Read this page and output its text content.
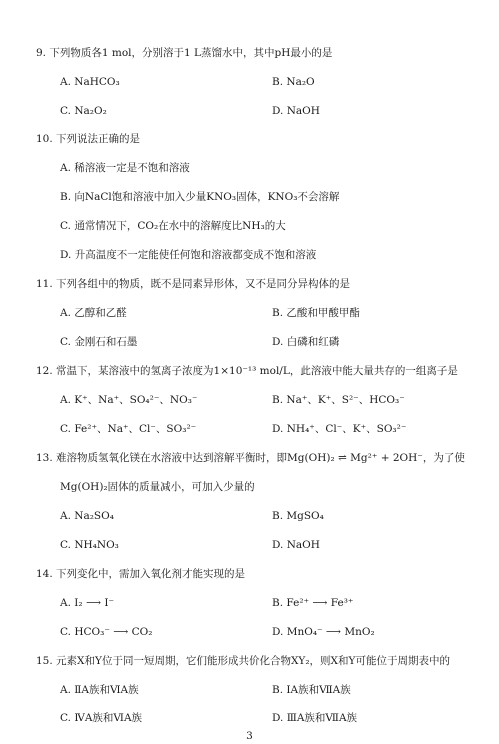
9. 下列物质各1 mol，分别溶于1 L蒸馏水中，其中pH最小的是
A. NaHCO₃	B. Na₂O
C. Na₂O₂	D. NaOH
10. 下列说法正确的是
A. 稀溶液一定是不饱和溶液
B. 向NaCl饱和溶液中加入少量KNO₃固体，KNO₃不会溶解
C. 通常情况下，CO₂在水中的溶解度比NH₃的大
D. 升高温度不一定能使任何饱和溶液都变成不饱和溶液
11. 下列各组中的物质，既不是同素异形体，又不是同分异构体的是
A. 乙醇和乙醛	B. 乙酸和甲酸甲酯
C. 金刚石和石墨	D. 白磷和红磷
12. 常温下，某溶液中的氢离子浓度为1×10⁻¹³ mol/L，此溶液中能大量共存的一组离子是
A. K⁺、Na⁺、SO₄²⁻、NO₃⁻	B. Na⁺、K⁺、S²⁻、HCO₃⁻
C. Fe²⁺、Na⁺、Cl⁻、SO₃²⁻	D. NH₄⁺、Cl⁻、K⁺、SO₃²⁻
13. 难溶物质氢氧化镁在水溶液中达到溶解平衡时，即Mg(OH)₂ ⇌ Mg²⁺ + 2OH⁻，为了使
Mg(OH)₂固体的质量减小，可加入少量的
A. Na₂SO₄	B. MgSO₄
C. NH₄NO₃	D. NaOH
14. 下列变化中，需加入氧化剂才能实现的是
A. I₂ ⟶ I⁻	B. Fe²⁺ ⟶ Fe³⁺
C. HCO₃⁻ ⟶ CO₂	D. MnO₄⁻ ⟶ MnO₂
15. 元素X和Y位于同一短周期，它们能形成共价化合物XY₂，则X和Y可能位于周期表中的
A. ⅡA族和ⅥA族	B. ⅠA族和ⅦA族
C. ⅣA族和ⅥA族	D. ⅢA族和ⅦA族
3
